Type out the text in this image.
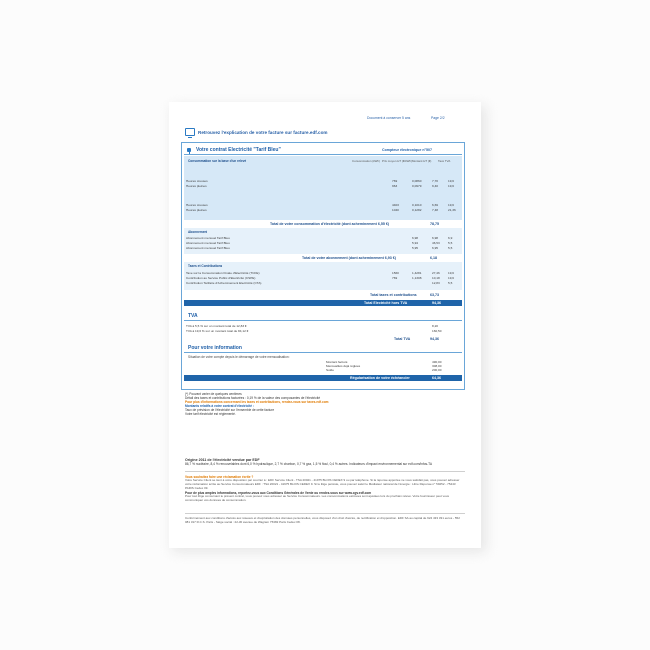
Document à conserver 5 ans	Page 2/2
Retrouvez l'explication de votre facture sur facture.edf.com
Votre contrat Electricité "Tarif Bleu"	Compteur électronique n°507
Consommation sur la base d'un relevé	Consommation (kWh) Prix moyen HT (€/kWh) Montant HT (€) Taux TVA
Heures creuses	769	0,0860	7,70	19,6
Heures pleines	963	0,0979	9,40	19,6
Heures creuses	4403	0,1010	6,69	19,6
Heures pleines	1040	0,1282	7,48	21,36
Total de votre consommation d'électricité (dont acheminement 6,55 €)	78,75
Abonnement
Abonnement mensuel Tarif Bleu	6,98	6,98	6,9
Abonnement mensuel Tarif Bleu	5,94	46,53	5,5
Abonnement mensuel Tarif Bleu	5,95	6,95	5,5
Total de votre abonnement (dont acheminement 6,93 €)	6,18
Taxes et Contributions
Taxe sur la Consommation Finale d'Electricité (TCFE)	1560	1,4281	27,46	19,6
Contribution au Service Public d'Electricité (CSPE)	769	1,1308	10,18	19,6
Contribution Tarifaire d'Acheminement Electricité (CTA)	12,83	5,5
Total taxes et contributions	63,73
Total Electricité hors TVA	94,36
TVA
TVA à 5,5 % sur un montant total de 12,83 €	8,20
TVA à 19,6 % sur un montant total de 84,12 €	160,50
Total TVA	94,36
Pour votre information
Situation de votre compte depuis le démarrage de votre mensualisation :
Montant facturé	490,00
Mensualités déjà réglées	308,00
Solde	200,00
Régularisation de votre échéancier	64,36
(*) Pouvant varier de quelques centimes
Détail des taxes et contributions facturées : 0,19 % de la valeur des composantes de l'électricité
Pour plus d'informations concernant les taxes et contributions, rendez-vous sur taxes.edf.com
Montants relatifs à votre contrat d'électricité :
Taux de prévision de l'électricité sur l'ensemble de cette facture
Votre tarif électricité est réglementé.
Origine 2011 de l'électricité vendue par EDF
86,7 % nucléaire, 8,4 % renouvelables dont 6,0 % hydraulique, 2,7 % charbon, 0,7 % gaz, 1,5 % fioul, 0,4 % autres. Indicateurs d'impact environnemental sur edf.com/infos-TA
Vous souhaitez faire une réclamation écrite ?
Votre Service Client se tient à votre disposition par courrier à : EDF Service Client - TSA 20021 - 41975 BLOIS CEDEX 9 ou par téléphone. Si la réponse apportée ne vous satisfait pas, vous pouvez adresser votre réclamation écrite au Service Consommateurs EDF : TSA 20021 - 41975 BLOIS CEDEX 9. Si le litige persiste, vous pouvez saisir le Médiateur national de l'énergie : Libre Réponse n° 59252 - 75443 PARIS Cedex 09.
Pour de plus amples informations, reportez-vous aux Conditions Générales de Vente ou rendez-vous sur www.cgv.edf.com
Pour tout litige concernant le présent contrat, vous pouvez vous adresser au Service Consommateurs. Les consommations estimées sont ajustées lors du prochain relevé. Votre fournisseur peut vous communiquer vos données de consommation.
Conformément aux conditions d'accès aux réseaux et d'exploitation des données personnelles, vous disposez d'un droit d'accès, de rectification et d'opposition. EDF SA au capital de 924 433 331 euros - 552 081 317 R.C.S. Paris - Siège social : 22-30 avenue de Wagram 75382 Paris Cedex 08.
